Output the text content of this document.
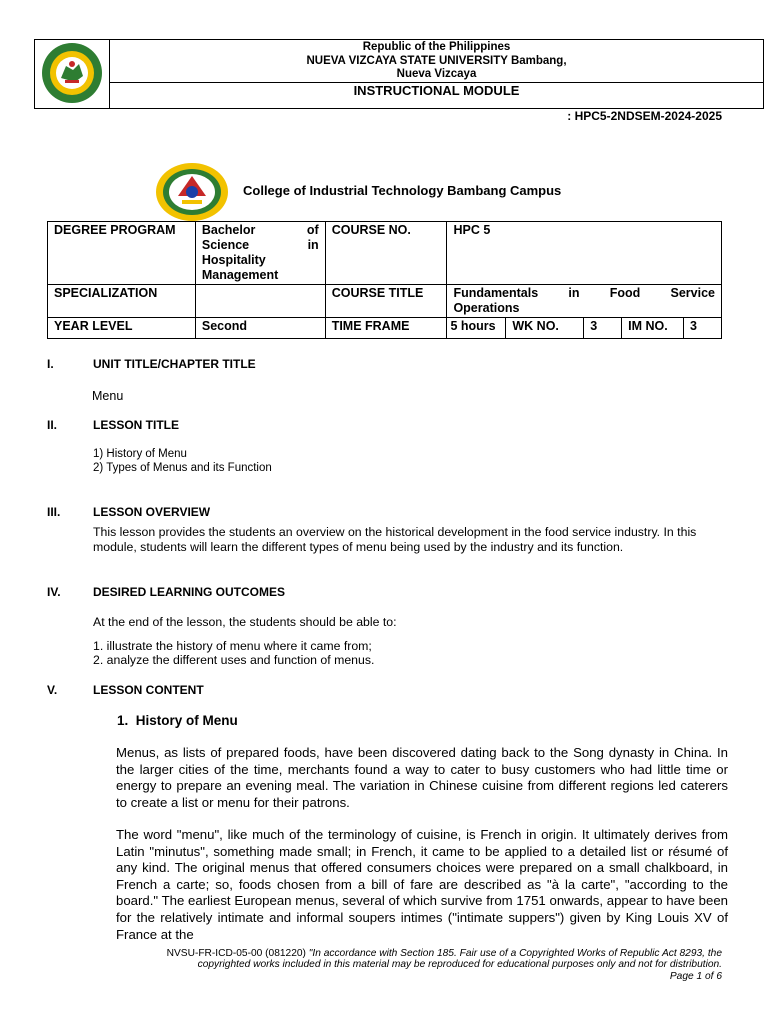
Republic of the Philippines
NUEVA VIZCAYA STATE UNIVERSITY Bambang,
Nueva Vizcaya
INSTRUCTIONAL MODULE
: HPC5-2NDSEM-2024-2025
College of Industrial Technology Bambang Campus
DEGREE PROGRAM	Bachelor of
Science in
Hospitality
Management	COURSE NO.	HPC 5				
SPECIALIZATION		COURSE TITLE	Fundamentals in Food Service
Operations				

YEAR LEVEL	Second	TIME FRAME	5 hours	WK NO.	3	IM NO.	3
I.	UNIT TITLE/CHAPTER TITLE
Menu
II.	LESSON TITLE
1) History of Menu
2) Types of Menus and its Function
III.	LESSON OVERVIEW
This lesson provides the students an overview on the historical development in the food service industry. In this module, students will learn the different types of menu being used by the industry and its function.
IV.	DESIRED LEARNING OUTCOMES
At the end of the lesson, the students should be able to:
1. illustrate the history of menu where it came from;
2. analyze the different uses and function of menus.
V.	LESSON CONTENT
1.  History of Menu
Menus, as lists of prepared foods, have been discovered dating back to the Song dynasty in China. In the larger cities of the time, merchants found a way to cater to busy customers who had little time or energy to prepare an evening meal. The variation in Chinese cuisine from different regions led caterers to create a list or menu for their patrons.
The word "menu", like much of the terminology of cuisine, is French in origin. It ultimately derives from Latin "minutus", something made small; in French, it came to be applied to a detailed list or résumé of any kind. The original menus that offered consumers choices were prepared on a small chalkboard, in French a carte; so, foods chosen from a bill of fare are described as "à la carte", "according to the board." The earliest European menus, several of which survive from 1751 onwards, appear to have been for the relatively intimate and informal soupers intimes ("intimate suppers") given by King Louis XV of France at the
NVSU-FR-ICD-05-00 (081220) "In accordance with Section 185. Fair use of a Copyrighted Works of Republic Act 8293, the
copyrighted works included in this material may be reproduced for educational purposes only and not for distribution.
Page 1 of 6
